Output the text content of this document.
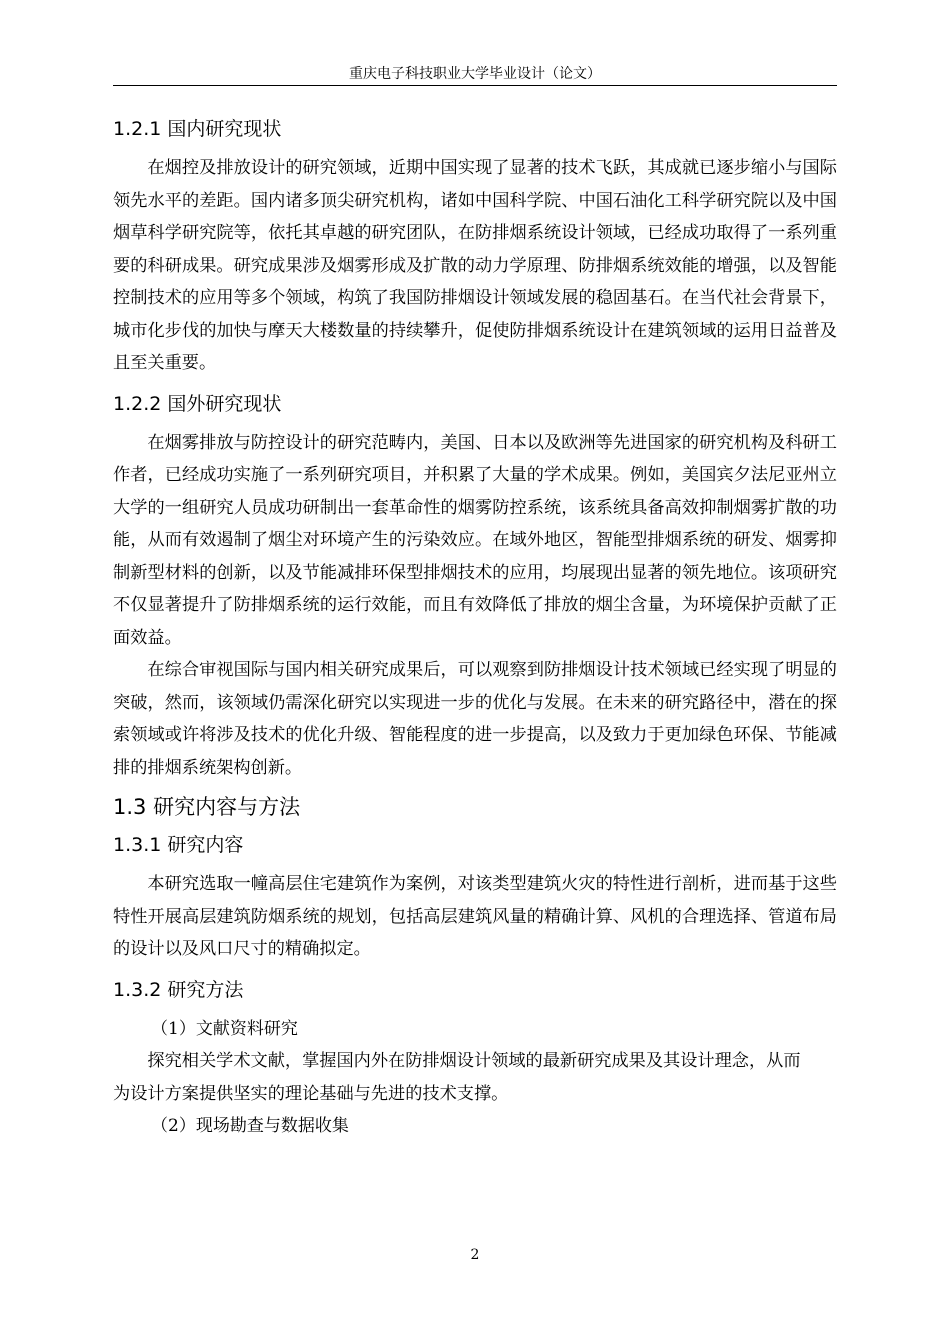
重庆电子科技职业大学毕业设计（论文）
1.2.1 国内研究现状

在烟控及排放设计的研究领域，近期中国实现了显著的技术飞跃，其成就已逐步缩小与国际领先水平的差距。国内诸多顶尖研究机构，诸如中国科学院、中国石油化工科学研究院以及中国烟草科学研究院等，依托其卓越的研究团队，在防排烟系统设计领域，已经成功取得了一系列重要的科研成果。研究成果涉及烟雾形成及扩散的动力学原理、防排烟系统效能的增强，以及智能控制技术的应用等多个领域，构筑了我国防排烟设计领域发展的稳固基石。在当代社会背景下，城市化步伐的加快与摩天大楼数量的持续攀升，促使防排烟系统设计在建筑领域的运用日益普及且至关重要。

1.2.2 国外研究现状

在烟雾排放与防控设计的研究范畴内，美国、日本以及欧洲等先进国家的研究机构及科研工作者，已经成功实施了一系列研究项目，并积累了大量的学术成果。例如，美国宾夕法尼亚州立大学的一组研究人员成功研制出一套革命性的烟雾防控系统，该系统具备高效抑制烟雾扩散的功能，从而有效遏制了烟尘对环境产生的污染效应。在域外地区，智能型排烟系统的研发、烟雾抑制新型材料的创新，以及节能减排环保型排烟技术的应用，均展现出显著的领先地位。该项研究不仅显著提升了防排烟系统的运行效能，而且有效降低了排放的烟尘含量，为环境保护贡献了正面效益。

在综合审视国际与国内相关研究成果后，可以观察到防排烟设计技术领域已经实现了明显的突破，然而，该领域仍需深化研究以实现进一步的优化与发展。在未来的研究路径中，潜在的探索领域或许将涉及技术的优化升级、智能程度的进一步提高，以及致力于更加绿色环保、节能减排的排烟系统架构创新。

1.3 研究内容与方法
1.3.1 研究内容

本研究选取一幢高层住宅建筑作为案例，对该类型建筑火灾的特性进行剖析，进而基于这些特性开展高层建筑防烟系统的规划，包括高层建筑风量的精确计算、风机的合理选择、管道布局的设计以及风口尺寸的精确拟定。

1.3.2 研究方法
（1）文献资料研究

探究相关学术文献，掌握国内外在防排烟设计领域的最新研究成果及其设计理念，从而为设计方案提供坚实的理论基础与先进的技术支撑。

（2）现场勘查与数据收集
2
